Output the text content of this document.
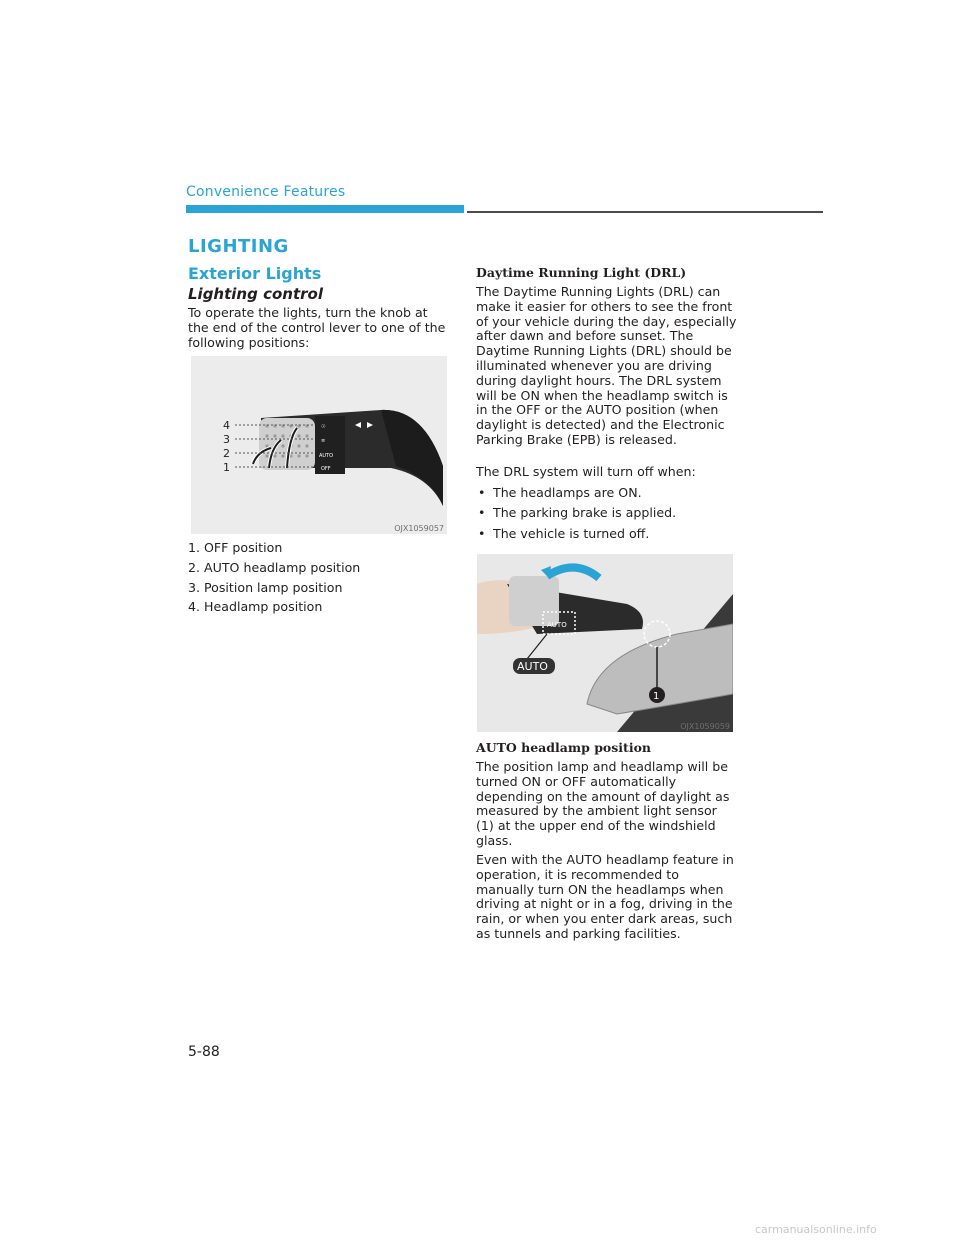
Convenience Features
LIGHTING
Exterior Lights
Lighting control
To operate the lights, turn the knob at the end of the control lever to one of the following positions:
☉
≡
AUTO
OFF
4
3
2
1
OJX1059057
1. OFF position
2. AUTO headlamp position
3. Position lamp position
4. Headlamp position
Daytime Running Light (DRL)
The Daytime Running Lights (DRL) can make it easier for others to see the front of your vehicle during the day, especially after dawn and before sunset. The Daytime Running Lights (DRL) should be illuminated whenever you are driving during daylight hours. The DRL system will be ON when the headlamp switch is in the OFF or the AUTO position (when daylight is detected) and the Electronic Parking Brake (EPB) is released.
The DRL system will turn off when:
• The headlamps are ON.
• The parking brake is applied.
• The vehicle is turned off.
1
AUTO
AUTO
OJX1059059
AUTO headlamp position
The position lamp and headlamp will be turned ON or OFF automatically depending on the amount of daylight as measured by the ambient light sensor (1) at the upper end of the windshield glass.
Even with the AUTO headlamp feature in operation, it is recommended to manually turn ON the headlamps when driving at night or in a fog, driving in the rain, or when you enter dark areas, such as tunnels and parking facilities.
5-88
carmanualsonline.info
